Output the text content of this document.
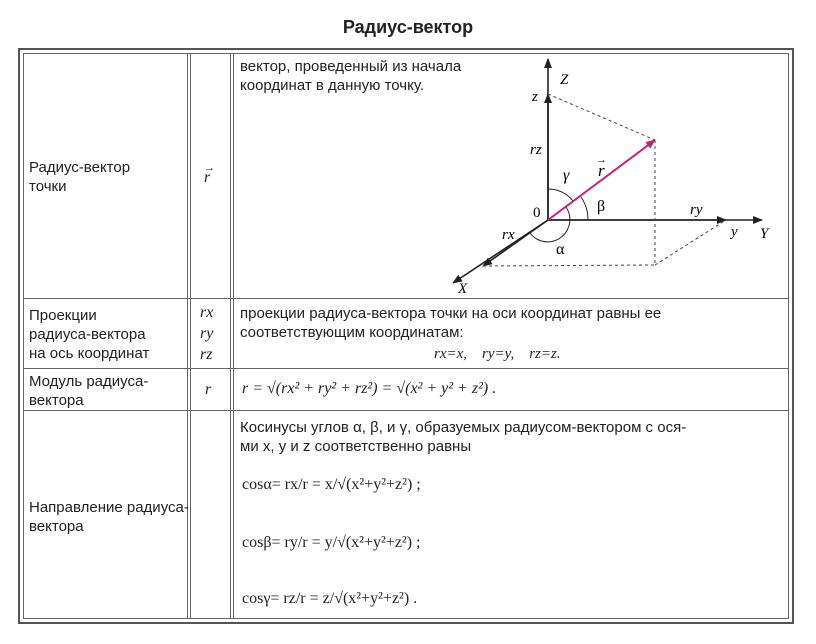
Радиус-вектор
Радиус-вектор
точки
→
r
вектор, проведенный из начала
координат в данную точку.	Z
z
rz
r
→
γ
β
0	ry
y Y
rx
α
X
Проекции
радиуса-вектора
на ось координат
rx
ry
rz
проекции радиуса-вектора точки на оси координат равны ее
соответствующим координатам:
rx=x,    ry=y,    rz=z.
Модуль радиуса-
вектора
r r = √(rx² + ry² + rz²) = √(x² + y² + z²) .
Направление радиуса-
вектора
Косинусы углов α, β, и γ, образуемых радиусом-вектором с ося-
ми x, y и z соответственно равны
cosα= rx/r = x/√(x²+y²+z²) ;
cosβ= ry/r = y/√(x²+y²+z²) ;
cosγ= rz/r = z/√(x²+y²+z²) .
